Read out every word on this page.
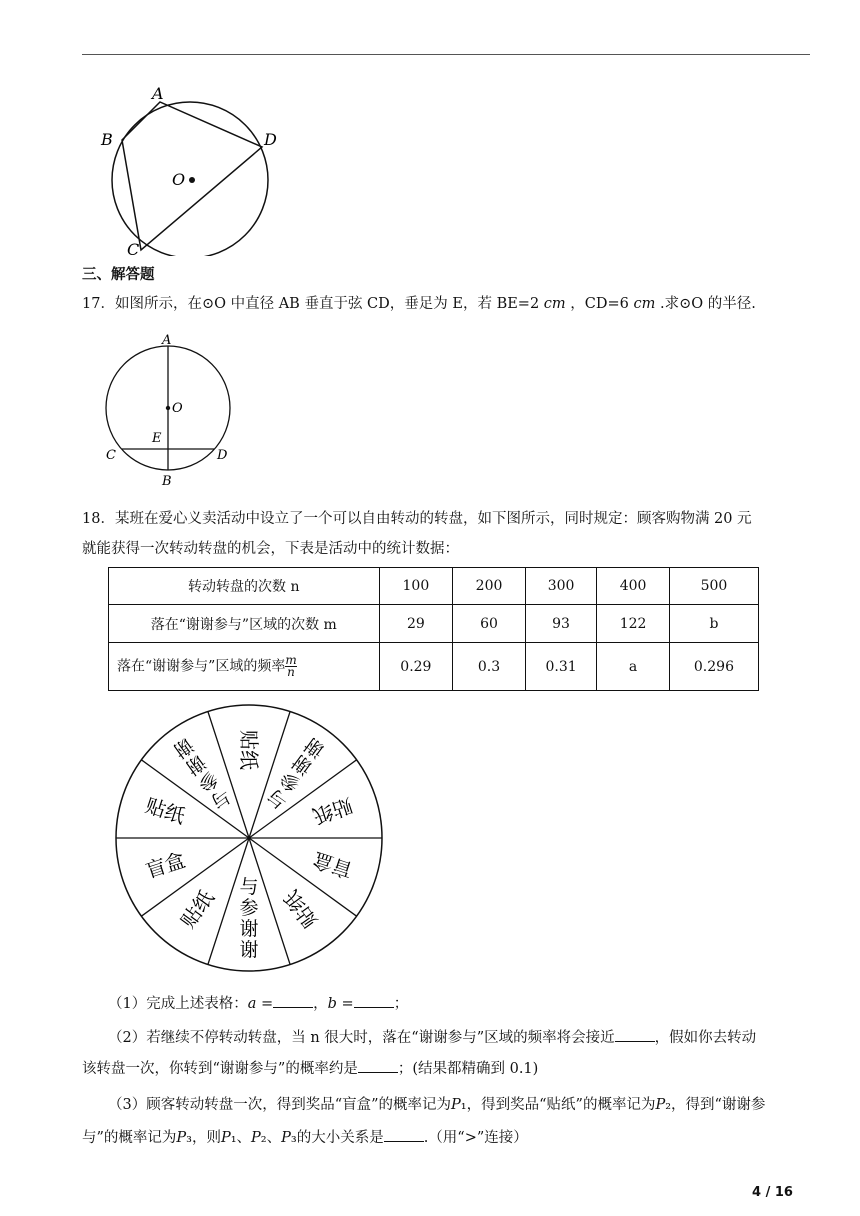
A
B
C
D
O
三、解答题
17．如图所示，在⊙O 中直径 AB 垂直于弦 CD，垂足为 E，若 BE=2 𝑐𝑚 ，CD=6 𝑐𝑚 .求⊙O 的半径.
A
O
E
C	D
B
18．某班在爱心义卖活动中设立了一个可以自由转动的转盘，如下图所示，同时规定：顾客购物满 20 元
就能获得一次转动转盘的机会，下表是活动中的统计数据：
转动转盘的次数 n	100	200	300	400	500
落在“谢谢参与”区域的次数 m	29	60	93	122	b
落在“谢谢参与”区域的频率 $\frac{m}{n}$	0.29	0.3	0.31	a	0.296
贴纸 谢
谢
参
与 贴纸
盲盒
贴纸
谢
谢
参
与
贴纸
盲盒
贴纸
谢
谢
参
与
（1）完成上述表格：𝑎 =	，𝑏 =	；
（2）若继续不停转动转盘，当 n 很大时，落在“谢谢参与”区域的频率将会接近	，假如你去转动
该转盘一次，你转到“谢谢参与”的概率约是	；(结果都精确到 0.1)
（3）顾客转动转盘一次，得到奖品“盲盒”的概率记为𝑃₁，得到奖品“贴纸”的概率记为𝑃₂，得到“谢谢参
与”的概率记为𝑃₃，则𝑃₁、𝑃₂、𝑃₃的大小关系是	.（用“>”连接）
4 / 16
